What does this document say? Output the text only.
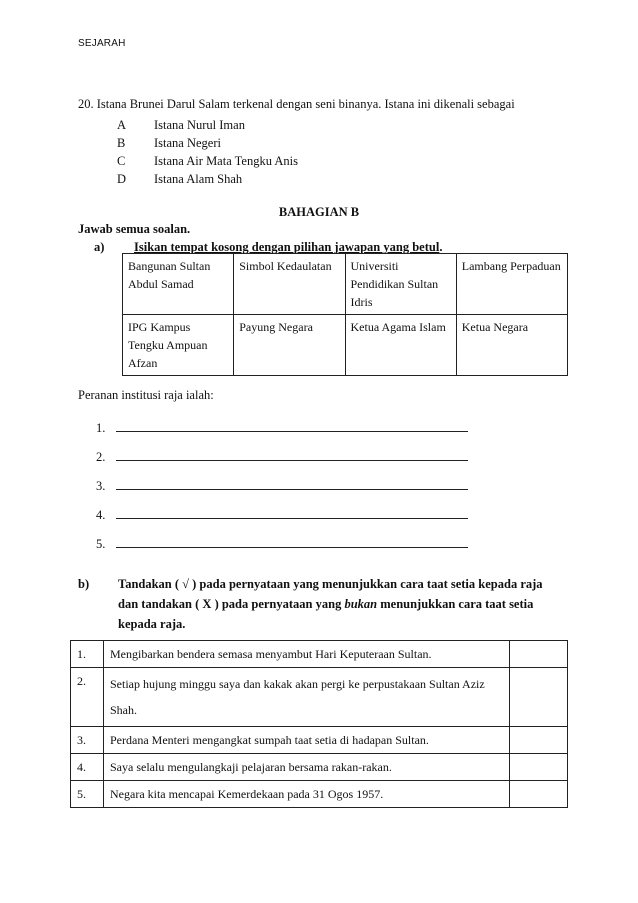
SEJARAH
20. Istana Brunei Darul Salam terkenal dengan seni binanya. Istana ini dikenali sebagai
A Istana Nurul Iman
B Istana Negeri
C Istana Air Mata Tengku Anis
D Istana Alam Shah
BAHAGIAN B
Jawab semua soalan.
a) Isikan tempat kosong dengan pilihan jawapan yang betul.
Bangunan Sultan Abdul Samad	Simbol Kedaulatan	Universiti Pendidikan Sultan Idris	Lambang Perpaduan
IPG Kampus Tengku Ampuan Afzan	Payung Negara	Ketua Agama Islam	Ketua Negara
Peranan institusi raja ialah:
1.
2.
3.
4.
5.
b) Tandakan ( √ ) pada pernyataan yang menunjukkan cara taat setia kepada raja
dan tandakan ( X ) pada pernyataan yang bukan menunjukkan cara taat setia
kepada raja.
1.	Mengibarkan bendera semasa menyambut Hari Keputeraan Sultan.	
2.	Setiap hujung minggu saya dan kakak akan pergi ke perpustakaan Sultan Aziz Shah.	
3.	Perdana Menteri mengangkat sumpah taat setia di hadapan Sultan.	
4.	Saya selalu mengulangkaji pelajaran bersama rakan-rakan.	
5.	Negara kita mencapai Kemerdekaan pada 31 Ogos 1957.	
